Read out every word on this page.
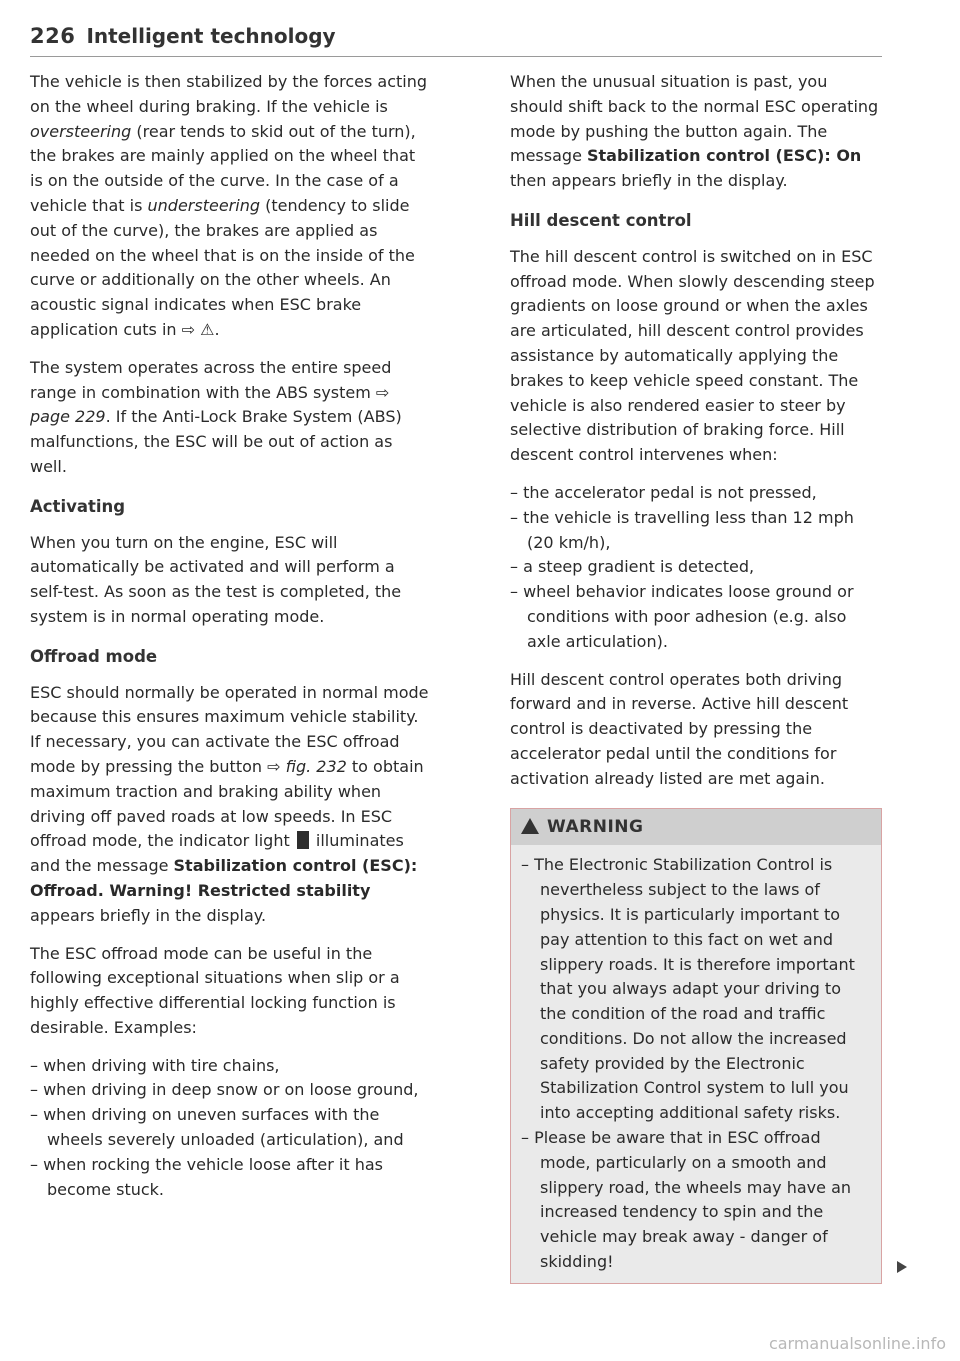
226 Intelligent technology

The vehicle is then stabilized by the forces acting on the wheel during braking. If the vehicle is oversteering (rear tends to skid out of the turn), the brakes are mainly applied on the wheel that is on the outside of the curve. In the case of a vehicle that is understeering (tendency to slide out of the curve), the brakes are applied as needed on the wheel that is on the inside of the curve or additionally on the other wheels. An acoustic signal indicates when ESC brake application cuts in ⇨ ⚠.

The system operates across the entire speed range in combination with the ABS system ⇨ page 229. If the Anti-Lock Brake System (ABS) malfunctions, the ESC will be out of action as well.

Activating

When you turn on the engine, ESC will automatically be activated and will perform a self-test. As soon as the test is completed, the system is in normal operating mode.

Offroad mode

ESC should normally be operated in normal mode because this ensures maximum vehicle stability. If necessary, you can activate the ESC offroad mode by pressing the button ⇨ fig. 232 to obtain maximum traction and braking ability when driving off paved roads at low speeds. In ESC offroad mode, the indicator light  illuminates and the message Stabilization control (ESC): Offroad. Warning! Restricted stability appears briefly in the display.

The ESC offroad mode can be useful in the following exceptional situations when slip or a highly effective differential locking function is desirable. Examples:

– when driving with tire chains,
– when driving in deep snow or on loose ground,
– when driving on uneven surfaces with the wheels severely unloaded (articulation), and
– when rocking the vehicle loose after it has become stuck.

When the unusual situation is past, you should shift back to the normal ESC operating mode by pushing the button again. The message Stabilization control (ESC): On then appears briefly in the display.

Hill descent control

The hill descent control is switched on in ESC offroad mode. When slowly descending steep gradients on loose ground or when the axles are articulated, hill descent control provides assistance by automatically applying the brakes to keep vehicle speed constant. The vehicle is also rendered easier to steer by selective distribution of braking force. Hill descent control intervenes when:

– the accelerator pedal is not pressed,
– the vehicle is travelling less than 12 mph (20 km/h),
– a steep gradient is detected,
– wheel behavior indicates loose ground or conditions with poor adhesion (e.g. also axle articulation).

Hill descent control operates both driving forward and in reverse. Active hill descent control is deactivated by pressing the accelerator pedal until the conditions for activation already listed are met again.

WARNING
– The Electronic Stabilization Control is nevertheless subject to the laws of physics. It is particularly important to pay attention to this fact on wet and slippery roads. It is therefore important that you always adapt your driving to the condition of the road and traffic conditions. Do not allow the increased safety provided by the Electronic Stabilization Control system to lull you into accepting additional safety risks.
– Please be aware that in ESC offroad mode, particularly on a smooth and slippery road, the wheels may have an increased tendency to spin and the vehicle may break away - danger of skidding!
carmanualsonline.info
